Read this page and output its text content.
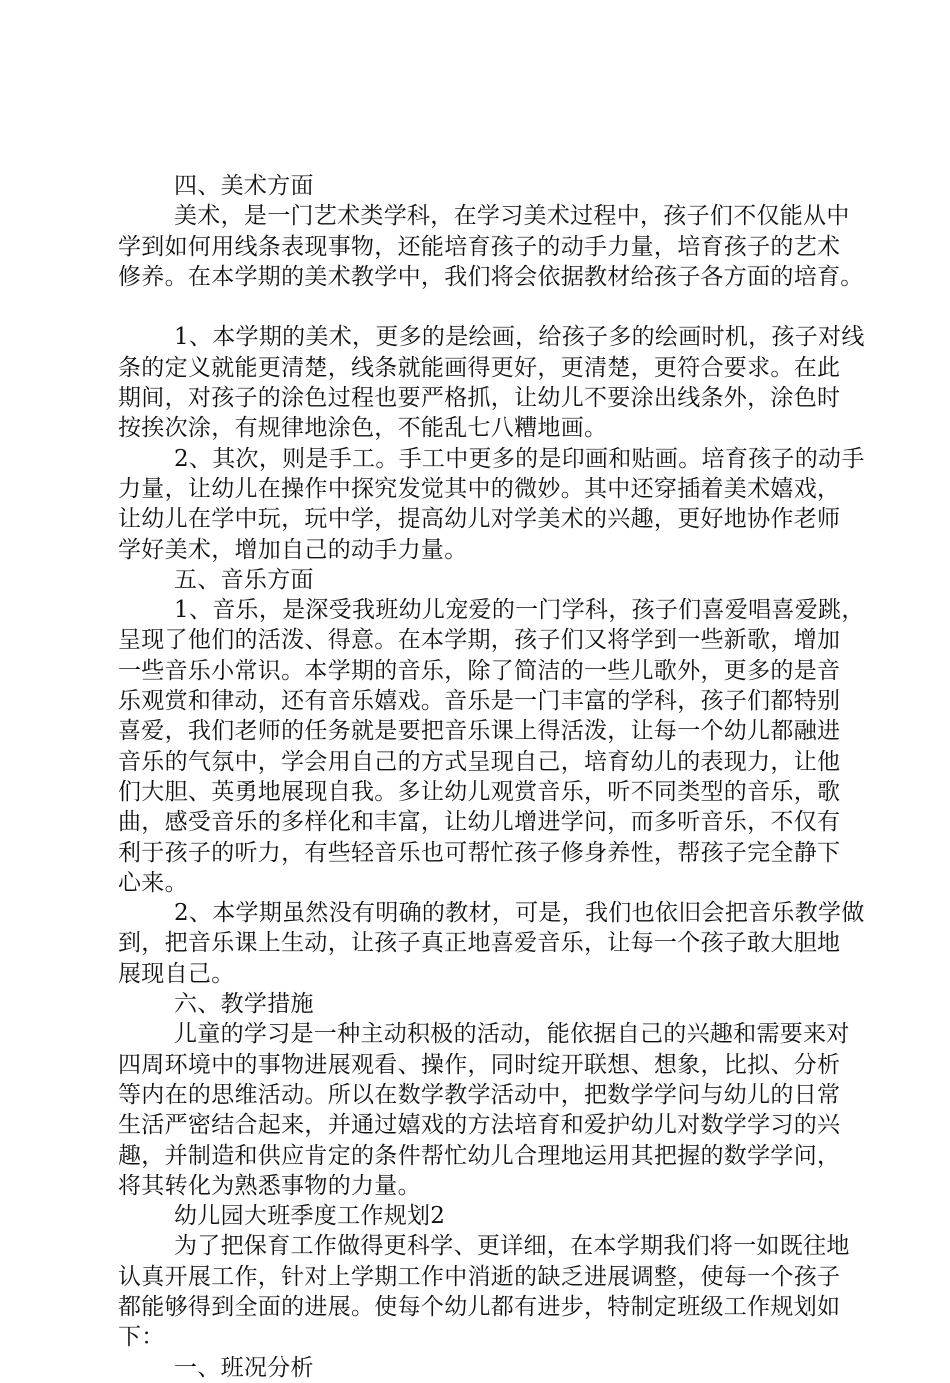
四、美术方面
美术，是一门艺术类学科，在学习美术过程中，孩子们不仅能从中
学到如何用线条表现事物，还能培育孩子的动手力量，培育孩子的艺术
修养。在本学期的美术教学中，我们将会依据教材给孩子各方面的培育。
1、本学期的美术，更多的是绘画，给孩子多的绘画时机，孩子对线
条的定义就能更清楚，线条就能画得更好，更清楚，更符合要求。在此
期间，对孩子的涂色过程也要严格抓，让幼儿不要涂出线条外，涂色时
按挨次涂，有规律地涂色，不能乱七八糟地画。
2、其次，则是手工。手工中更多的是印画和贴画。培育孩子的动手
力量，让幼儿在操作中探究发觉其中的微妙。其中还穿插着美术嬉戏，
让幼儿在学中玩，玩中学，提高幼儿对学美术的兴趣，更好地协作老师
学好美术，增加自己的动手力量。
五、音乐方面
1、音乐，是深受我班幼儿宠爱的一门学科，孩子们喜爱唱喜爱跳，
呈现了他们的活泼、得意。在本学期，孩子们又将学到一些新歌，增加
一些音乐小常识。本学期的音乐，除了简洁的一些儿歌外，更多的是音
乐观赏和律动，还有音乐嬉戏。音乐是一门丰富的学科，孩子们都特别
喜爱，我们老师的任务就是要把音乐课上得活泼，让每一个幼儿都融进
音乐的气氛中，学会用自己的方式呈现自己，培育幼儿的表现力，让他
们大胆、英勇地展现自我。多让幼儿观赏音乐，听不同类型的音乐，歌
曲，感受音乐的多样化和丰富，让幼儿增进学问，而多听音乐，不仅有
利于孩子的听力，有些轻音乐也可帮忙孩子修身养性，帮孩子完全静下
心来。
2、本学期虽然没有明确的教材，可是，我们也依旧会把音乐教学做
到，把音乐课上生动，让孩子真正地喜爱音乐，让每一个孩子敢大胆地
展现自己。
六、教学措施
儿童的学习是一种主动积极的活动，能依据自己的兴趣和需要来对
四周环境中的事物进展观看、操作，同时绽开联想、想象，比拟、分析
等内在的思维活动。所以在数学教学活动中，把数学学问与幼儿的日常
生活严密结合起来，并通过嬉戏的方法培育和爱护幼儿对数学学习的兴
趣，并制造和供应肯定的条件帮忙幼儿合理地运用其把握的数学学问，
将其转化为熟悉事物的力量。
幼儿园大班季度工作规划2
为了把保育工作做得更科学、更详细，在本学期我们将一如既往地
认真开展工作，针对上学期工作中消逝的缺乏进展调整，使每一个孩子
都能够得到全面的进展。使每个幼儿都有进步，特制定班级工作规划如
下：
一、班况分析
